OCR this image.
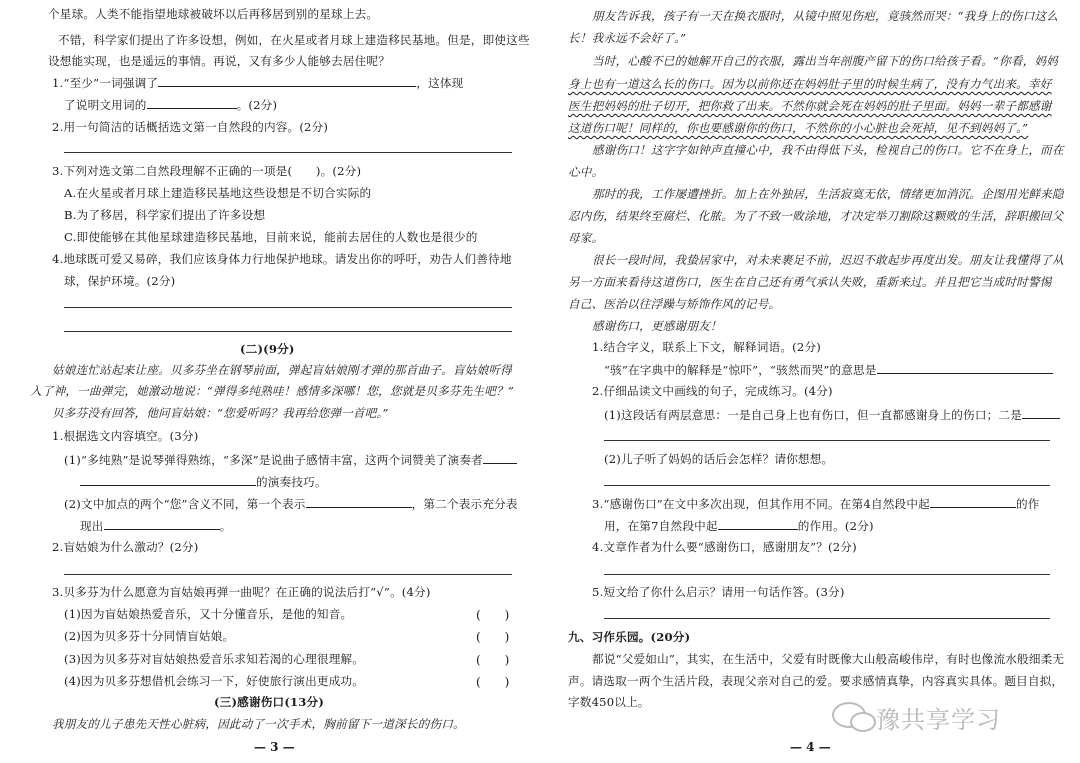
个星球。人类不能指望地球被破坏以后再移居到别的星球上去。
不错，科学家们提出了许多设想，例如，在火星或者月球上建造移民基地。但是，即使这些
设想能实现，也是遥远的事情。再说，又有多少人能够去居住呢？
1.“至少”一词强调了	，这体现
了说明文用词的	。(2分)
2.用一句简洁的话概括选文第一自然段的内容。(2分)
3.下列对选文第二自然段理解不正确的一项是(　　)。(2分)
A.在火星或者月球上建造移民基地这些设想是不切合实际的
B.为了移居，科学家们提出了许多设想
C.即使能够在其他星球建造移民基地，目前来说，能前去居住的人数也是很少的
4.地球既可爱又易碎，我们应该身体力行地保护地球。请发出你的呼吁，劝告人们善待地
球，保护环境。(2分)
(二)(9分)
姑娘连忙站起来让座。贝多芬坐在钢琴前面，弹起盲姑娘刚才弹的那首曲子。盲姑娘听得
入了神，一曲弹完，她激动地说：“弹得多纯熟哇！感情多深哪！您，您就是贝多芬先生吧？”
贝多芬没有回答，他问盲姑娘：“您爱听吗？我再给您弹一首吧。”
1.根据选文内容填空。(3分)
(1)“多纯熟”是说琴弹得熟练，“多深”是说曲子感情丰富，这两个词赞美了演奏者
的演奏技巧。
(2)文中加点的两个“您”含义不同，第一个表示	，第二个表示充分表
现出	。
2.盲姑娘为什么激动？(2分)
3.贝多芬为什么愿意为盲姑娘再弹一曲呢？在正确的说法后打“√”。(4分)
(1)因为盲姑娘热爱音乐，又十分懂音乐，是他的知音。	(　　)
(2)因为贝多芬十分同情盲姑娘。	(　　)
(3)因为贝多芬对盲姑娘热爱音乐求知若渴的心理很理解。	(　　)
(4)因为贝多芬想借机会练习一下，好使旅行演出更成功。	(　　)
(三)感谢伤口(13分)
我朋友的儿子患先天性心脏病，因此动了一次手术，胸前留下一道深长的伤口。
— 3 —
朋友告诉我，孩子有一天在换衣服时，从镜中照见伤疤，竟骇然而哭：“我身上的伤口这么
长！我永远不会好了。”
当时，心酸不已的她解开自己的衣服，露出当年剖腹产留下的伤口给孩子看。“你看，妈妈
身上也有一道这么长的伤口。因为以前你还在妈妈肚子里的时候生病了，没有力气出来。幸好
医生把妈妈的肚子切开，把你救了出来。不然你就会死在妈妈的肚子里面。妈妈一辈子都感谢
这道伤口呢！同样的，你也要感谢你的伤口，不然你的小心脏也会死掉，见不到妈妈了。”
感谢伤口！这字字如钟声直撞心中，我不由得低下头，检视自己的伤口。它不在身上，而在
心中。
那时的我，工作屡遭挫折。加上在外独居，生活寂寞无依，情绪更加消沉。企图用光鲜来隐
忍内伤，结果终至腐烂、化脓。为了不致一败涂地，才决定举刀割除这颗败的生活，辞职搬回父
母家。
很长一段时间，我蛰居家中，对未来裹足不前，迟迟不敢起步再度出发。朋友让我懂得了从
另一方面来看待这道伤口，医生在自己还有勇气承认失败，重新来过。并且把它当成时时警惕
自己、医治以往浮躁与矫饰作风的记号。
感谢伤口，更感谢朋友！
1.结合字义，联系上下文，解释词语。(2分)
“骇”在字典中的解释是“惊吓”，“骇然而哭”的意思是
2.仔细品读文中画线的句子，完成练习。(4分)
(1)这段话有两层意思：一是自己身上也有伤口，但一直都感谢身上的伤口；二是
(2)儿子听了妈妈的话后会怎样？请你想想。
3.“感谢伤口”在文中多次出现，但其作用不同。在第4自然段中起	的作
用，在第7自然段中起	的作用。(2分)
4.文章作者为什么要“感谢伤口，感谢朋友”？(2分)
5.短文给了你什么启示？请用一句话作答。(3分)
九、习作乐园。(20分)
都说“父爱如山”，其实，在生活中，父爱有时既像大山般高峻伟岸，有时也像流水般细柔无
声。请选取一两个生活片段，表现父亲对自己的爱。要求感情真挚，内容真实具体。题目自拟，
字数450以上。
豫共享学习
— 4 —
